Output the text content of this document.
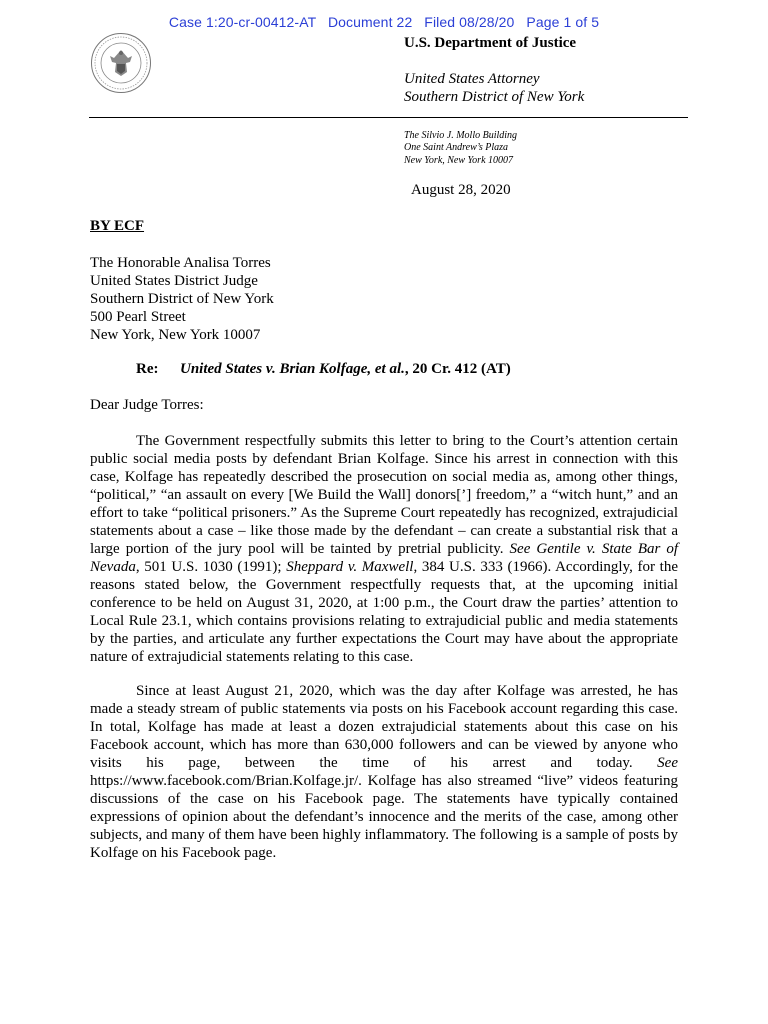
Case 1:20-cr-00412-AT   Document 22   Filed 08/28/20   Page 1 of 5
U.S. Department of Justice
United States Attorney
Southern District of New York
The Silvio J. Mollo Building
One Saint Andrew’s Plaza
New York, New York 10007
August 28, 2020
BY ECF
The Honorable Analisa Torres
United States District Judge
Southern District of New York
500 Pearl Street
New York, New York 10007
Re: United States v. Brian Kolfage, et al., 20 Cr. 412 (AT)
Dear Judge Torres:
The Government respectfully submits this letter to bring to the Court’s attention certain public social media posts by defendant Brian Kolfage. Since his arrest in connection with this case, Kolfage has repeatedly described the prosecution on social media as, among other things, “political,” “an assault on every [We Build the Wall] donors[’] freedom,” a “witch hunt,” and an effort to take “political prisoners.” As the Supreme Court repeatedly has recognized, extrajudicial statements about a case – like those made by the defendant – can create a substantial risk that a large portion of the jury pool will be tainted by pretrial publicity. See Gentile v. State Bar of Nevada, 501 U.S. 1030 (1991); Sheppard v. Maxwell, 384 U.S. 333 (1966). Accordingly, for the reasons stated below, the Government respectfully requests that, at the upcoming initial conference to be held on August 31, 2020, at 1:00 p.m., the Court draw the parties’ attention to Local Rule 23.1, which contains provisions relating to extrajudicial public and media statements by the parties, and articulate any further expectations the Court may have about the appropriate nature of extrajudicial statements relating to this case.
Since at least August 21, 2020, which was the day after Kolfage was arrested, he has made a steady stream of public statements via posts on his Facebook account regarding this case. In total, Kolfage has made at least a dozen extrajudicial statements about this case on his Facebook account, which has more than 630,000 followers and can be viewed by anyone who visits his page, between the time of his arrest and today. See https://www.facebook.com/Brian.Kolfage.jr/. Kolfage has also streamed “live” videos featuring discussions of the case on his Facebook page. The statements have typically contained expressions of opinion about the defendant’s innocence and the merits of the case, among other subjects, and many of them have been highly inflammatory. The following is a sample of posts by Kolfage on his Facebook page.
